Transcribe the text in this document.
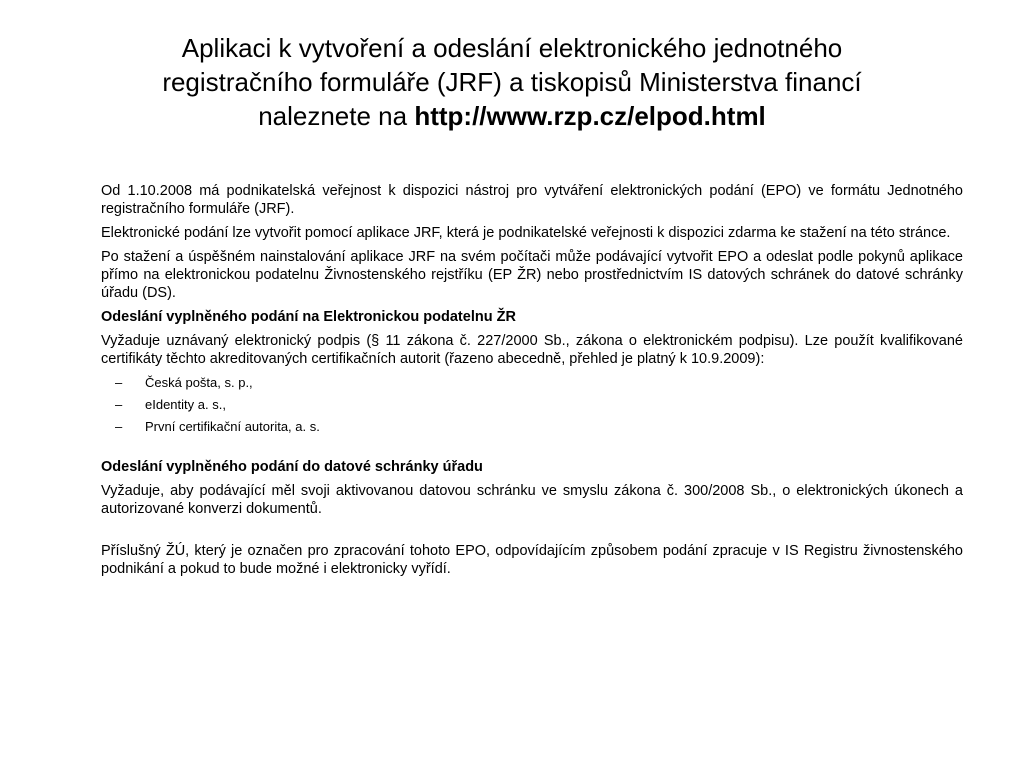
Aplikaci k vytvoření a odeslání elektronického jednotného
registračního formuláře (JRF) a tiskopisů Ministerstva financí
naleznete na http://www.rzp.cz/elpod.html

Od 1.10.2008 má podnikatelská veřejnost k dispozici nástroj pro vytváření elektronických podání (EPO) ve formátu Jednotného registračního formuláře (JRF).

Elektronické podání lze vytvořit pomocí aplikace JRF, která je podnikatelské veřejnosti k dispozici zdarma ke stažení na této stránce.

Po stažení a úspěšném nainstalování aplikace JRF na svém počítači může podávající vytvořit EPO a odeslat podle pokynů aplikace přímo na elektronickou podatelnu Živnostenského rejstříku (EP ŽR) nebo prostřednictvím IS datových schránek do datové schránky úřadu (DS).

Odeslání vyplněného podání na Elektronickou podatelnu ŽR

Vyžaduje uznávaný elektronický podpis (§ 11 zákona č. 227/2000 Sb., zákona o elektronickém podpisu). Lze použít kvalifikované certifikáty těchto akreditovaných certifikačních autorit (řazeno abecedně, přehled je platný k 10.9.2009):

– Česká pošta, s. p.,
– eIdentity a. s.,
– První certifikační autorita, a. s.

Odeslání vyplněného podání do datové schránky úřadu

Vyžaduje, aby podávající měl svoji aktivovanou datovou schránku ve smyslu zákona č. 300/2008 Sb., o elektronických úkonech a autorizované konverzi dokumentů.

Příslušný ŽÚ, který je označen pro zpracování tohoto EPO, odpovídajícím způsobem podání zpracuje v IS Registru živnostenského podnikání a pokud to bude možné i elektronicky vyřídí.
